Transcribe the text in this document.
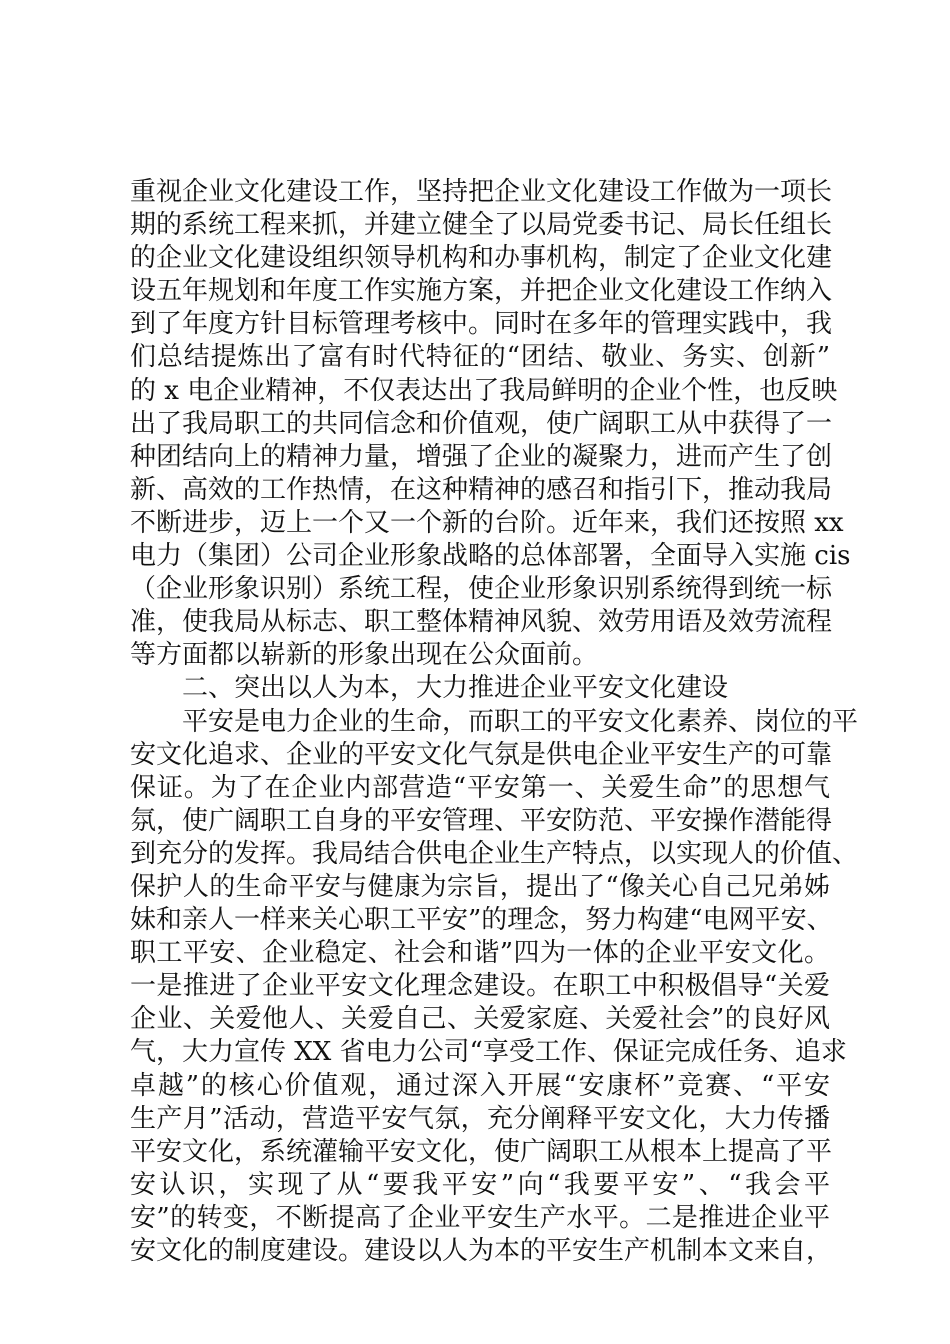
重视企业文化建设工作，坚持把企业文化建设工作做为一项长
期的系统工程来抓，并建立健全了以局党委书记、局长任组长
的企业文化建设组织领导机构和办事机构，制定了企业文化建
设五年规划和年度工作实施方案，并把企业文化建设工作纳入
到了年度方针目标管理考核中。同时在多年的管理实践中，我
们总结提炼出了富有时代特征的“团结、敬业、务实、创新”
的 x 电企业精神，不仅表达出了我局鲜明的企业个性，也反映
出了我局职工的共同信念和价值观，使广阔职工从中获得了一
种团结向上的精神力量，增强了企业的凝聚力，进而产生了创
新、高效的工作热情，在这种精神的感召和指引下，推动我局
不断进步，迈上一个又一个新的台阶。近年来，我们还按照 xx
电力（集团）公司企业形象战略的总体部署，全面导入实施 cis
（企业形象识别）系统工程，使企业形象识别系统得到统一标
准，使我局从标志、职工整体精神风貌、效劳用语及效劳流程
等方面都以崭新的形象出现在公众面前。
二、突出以人为本，大力推进企业平安文化建设
平安是电力企业的生命，而职工的平安文化素养、岗位的平
安文化追求、企业的平安文化气氛是供电企业平安生产的可靠
保证。为了在企业内部营造“平安第一、关爱生命”的思想气
氛，使广阔职工自身的平安管理、平安防范、平安操作潜能得
到充分的发挥。我局结合供电企业生产特点，以实现人的价值、
保护人的生命平安与健康为宗旨，提出了“像关心自己兄弟姊
妹和亲人一样来关心职工平安”的理念，努力构建“电网平安、
职工平安、企业稳定、社会和谐”四为一体的企业平安文化。
一是推进了企业平安文化理念建设。在职工中积极倡导“关爱
企业、关爱他人、关爱自己、关爱家庭、关爱社会”的良好风
气，大力宣传 XX 省电力公司“享受工作、保证完成任务、追求
卓越”的核心价值观，通过深入开展“安康杯”竞赛、“平安
生产月”活动，营造平安气氛，充分阐释平安文化，大力传播
平安文化，系统灌输平安文化，使广阔职工从根本上提高了平
安认识，实现了从“要我平安”向“我要平安”、“我会平
安”的转变，不断提高了企业平安生产水平。二是推进企业平
安文化的制度建设。建设以人为本的平安生产机制本文来自，
